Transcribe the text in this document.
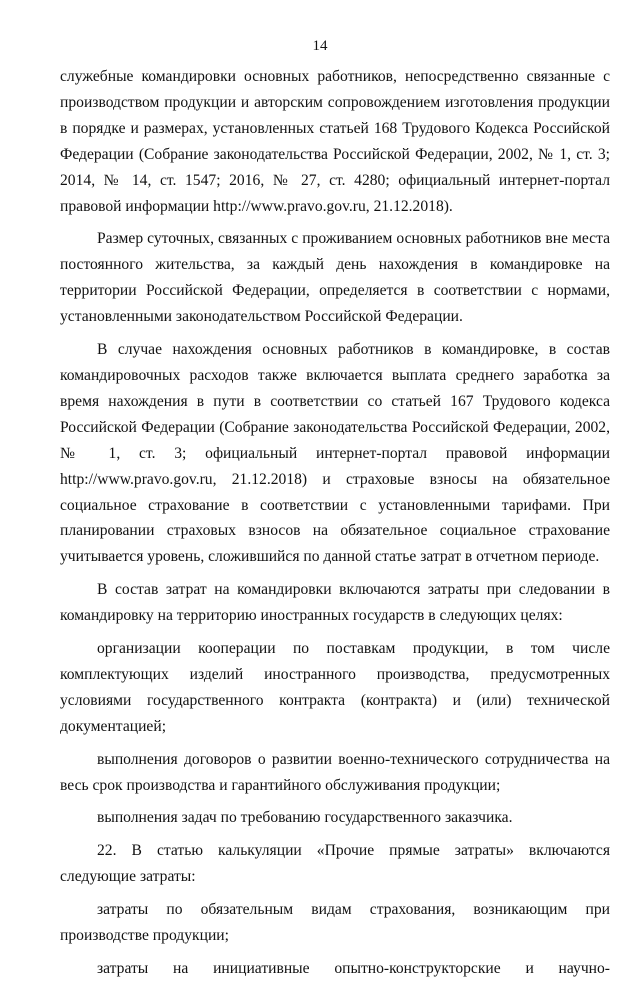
14

служебные командировки основных работников, непосредственно связанные с производством продукции и авторским сопровождением изготовления продукции в порядке и размерах, установленных статьей 168 Трудового Кодекса Российской Федерации (Собрание законодательства Российской Федерации, 2002, № 1, ст. 3; 2014, № 14, ст. 1547; 2016, № 27, ст. 4280; официальный интернет-портал правовой информации http://www.pravo.gov.ru, 21.12.2018).

Размер суточных, связанных с проживанием основных работников вне места постоянного жительства, за каждый день нахождения в командировке на территории Российской Федерации, определяется в соответствии с нормами, установленными законодательством Российской Федерации.

В случае нахождения основных работников в командировке, в состав командировочных расходов также включается выплата среднего заработка за время нахождения в пути в соответствии со статьей 167 Трудового кодекса Российской Федерации (Собрание законодательства Российской Федерации, 2002, № 1, ст. 3; официальный интернет-портал правовой информации http://www.pravo.gov.ru, 21.12.2018) и страховые взносы на обязательное социальное страхование в соответствии с установленными тарифами. При планировании страховых взносов на обязательное социальное страхование учитывается уровень, сложившийся по данной статье затрат в отчетном периоде.

В состав затрат на командировки включаются затраты при следовании в командировку на территорию иностранных государств в следующих целях:

организации кооперации по поставкам продукции, в том числе комплектующих изделий иностранного производства, предусмотренных условиями государственного контракта (контракта) и (или) технической документацией;

выполнения договоров о развитии военно-технического сотрудничества на весь срок производства и гарантийного обслуживания продукции;

выполнения задач по требованию государственного заказчика.

22. В статью калькуляции «Прочие прямые затраты» включаются следующие затраты:

затраты по обязательным видам страхования, возникающим при производстве продукции;

затраты на инициативные опытно-конструкторские и научно-
